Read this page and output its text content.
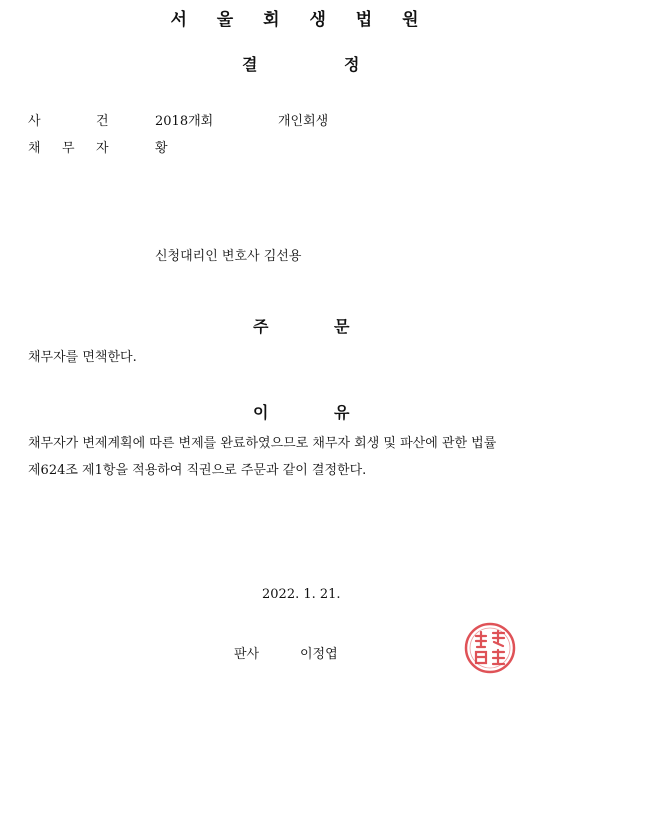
서 울 회 생 법 원
결	정
사	건	2018개회	개인회생
채 무 자	황
신청대리인 변호사 김선용
주	문
채무자를 면책한다.
이	유
채무자가 변제계획에 따른 변제를 완료하였으므로 채무자 회생 및 파산에 관한 법률
제624조 제1항을 적용하여 직권으로 주문과 같이 결정한다.
2022. 1. 21.
판사	이정엽
